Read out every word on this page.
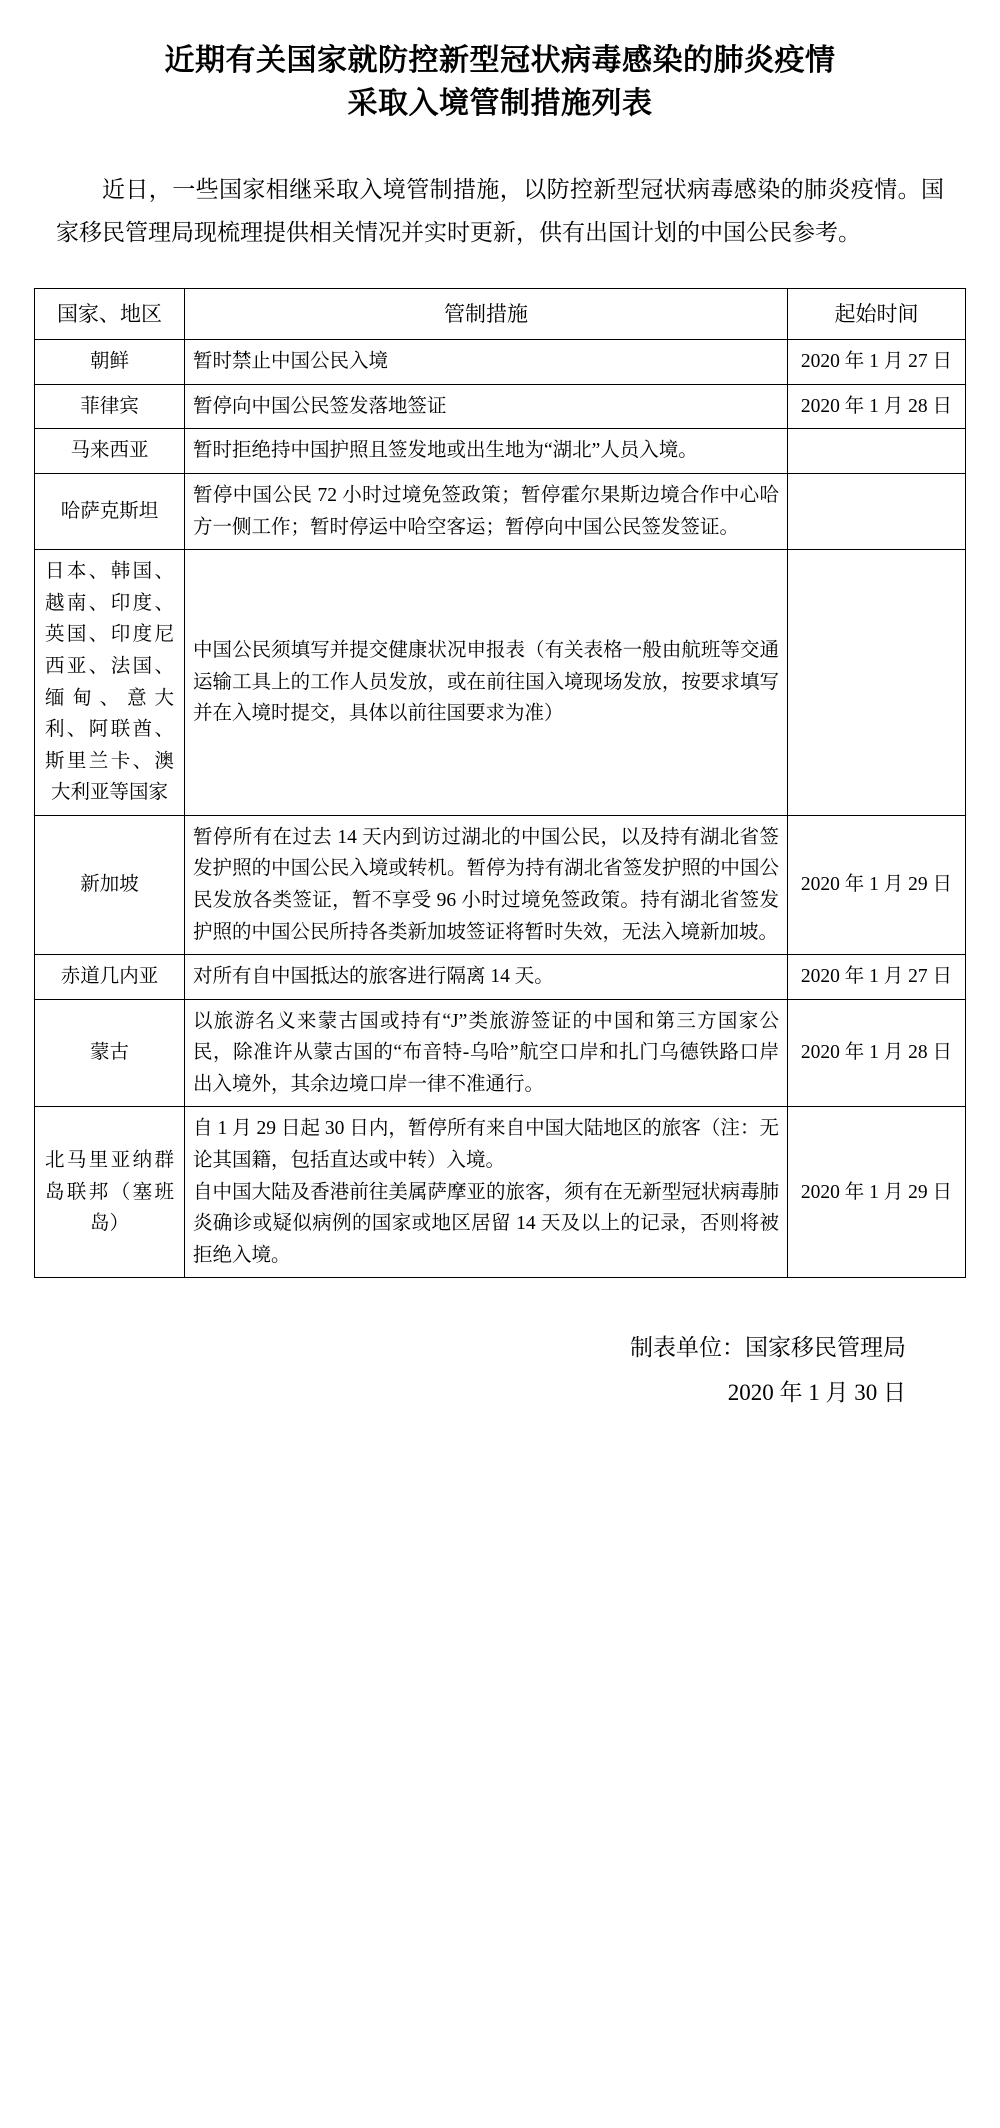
近期有关国家就防控新型冠状病毒感染的肺炎疫情
采取入境管制措施列表

近日，一些国家相继采取入境管制措施，以防控新型冠状病毒感染的肺炎疫情。国家移民管理局现梳理提供相关情况并实时更新，供有出国计划的中国公民参考。

国家、地区	管制措施	起始时间
朝鲜	暂时禁止中国公民入境	2020 年 1 月 27 日
菲律宾	暂停向中国公民签发落地签证	2020 年 1 月 28 日
马来西亚	暂时拒绝持中国护照且签发地或出生地为“湖北”人员入境。	
哈萨克斯坦	暂停中国公民 72 小时过境免签政策；暂停霍尔果斯边境合作中心哈方一侧工作；暂时停运中哈空客运；暂停向中国公民签发签证。	
日本、韩国、越南、印度、英国、印度尼西亚、法国、缅甸、意大利、阿联酋、斯里兰卡、澳大利亚等国家	中国公民须填写并提交健康状况申报表（有关表格一般由航班等交通运输工具上的工作人员发放，或在前往国入境现场发放，按要求填写并在入境时提交，具体以前往国要求为准）	
新加坡	暂停所有在过去 14 天内到访过湖北的中国公民，以及持有湖北省签发护照的中国公民入境或转机。暂停为持有湖北省签发护照的中国公民发放各类签证，暂不享受 96 小时过境免签政策。持有湖北省签发护照的中国公民所持各类新加坡签证将暂时失效，无法入境新加坡。	2020 年 1 月 29 日
赤道几内亚	对所有自中国抵达的旅客进行隔离 14 天。	2020 年 1 月 27 日
蒙古	以旅游名义来蒙古国或持有“J”类旅游签证的中国和第三方国家公民，除准许从蒙古国的“布音特-乌哈”航空口岸和扎门乌德铁路口岸出入境外，其余边境口岸一律不准通行。	2020 年 1 月 28 日
北马里亚纳群岛联邦（塞班岛）	自 1 月 29 日起 30 日内，暂停所有来自中国大陆地区的旅客（注：无论其国籍，包括直达或中转）入境。

自中国大陆及香港前往美属萨摩亚的旅客，须有在无新型冠状病毒肺炎确诊或疑似病例的国家或地区居留 14 天及以上的记录，否则将被拒绝入境。	2020 年 1 月 29 日
制表单位：国家移民管理局
2020 年 1 月 30 日
